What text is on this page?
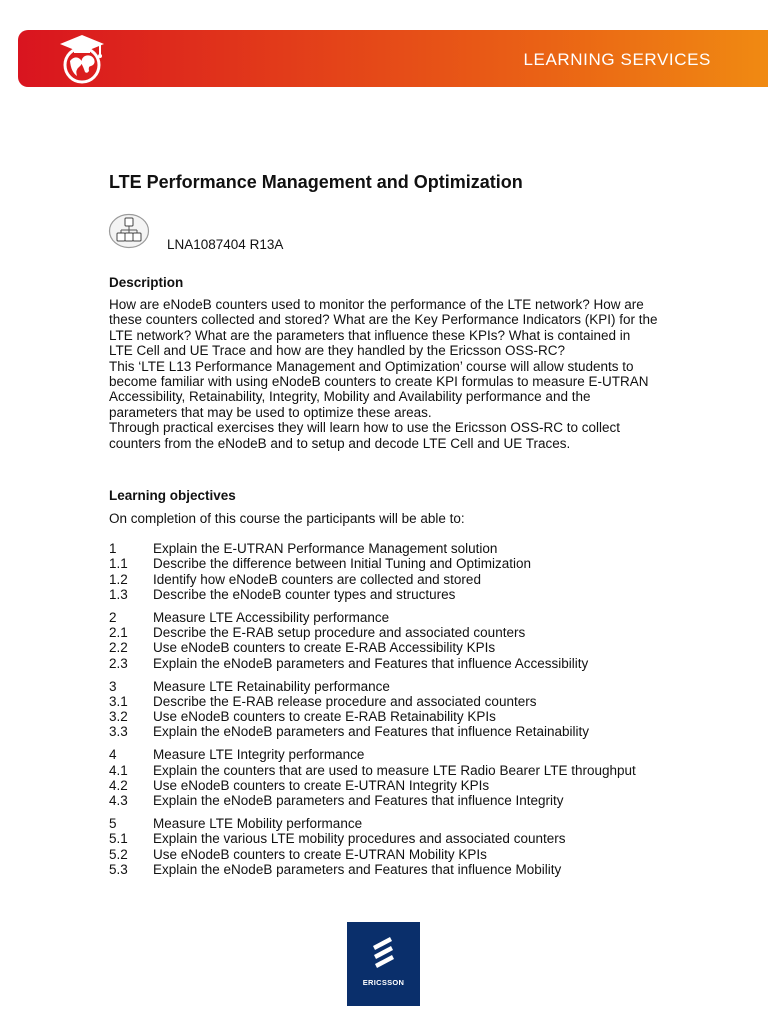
LEARNING SERVICES
LTE Performance Management and Optimization
LNA1087404 R13A
Description
How are eNodeB counters used to monitor the performance of the LTE network? How are
these counters collected and stored? What are the Key Performance Indicators (KPI) for the
LTE network? What are the parameters that influence these KPIs? What is contained in
LTE Cell and UE Trace and how are they handled by the Ericsson OSS-RC?
This ‘LTE L13 Performance Management and Optimization’ course will allow students to
become familiar with using eNodeB counters to create KPI formulas to measure E-UTRAN
Accessibility, Retainability, Integrity, Mobility and Availability performance and the
parameters that may be used to optimize these areas.
Through practical exercises they will learn how to use the Ericsson OSS-RC to collect
counters from the eNodeB and to setup and decode LTE Cell and UE Traces.
Learning objectives
On completion of this course the participants will be able to:
1	Explain the E-UTRAN Performance Management solution
1.1 Describe the difference between Initial Tuning and Optimization
1.2 Identify how eNodeB counters are collected and stored
1.3 Describe the eNodeB counter types and structures
2	Measure LTE Accessibility performance
2.1 Describe the E-RAB setup procedure and associated counters
2.2 Use eNodeB counters to create E-RAB Accessibility KPIs
2.3 Explain the eNodeB parameters and Features that influence Accessibility
3	Measure LTE Retainability performance
3.1 Describe the E-RAB release procedure and associated counters
3.2 Use eNodeB counters to create E-RAB Retainability KPIs
3.3 Explain the eNodeB parameters and Features that influence Retainability
4	Measure LTE Integrity performance
4.1 Explain the counters that are used to measure LTE Radio Bearer LTE throughput
4.2 Use eNodeB counters to create E-UTRAN Integrity KPIs
4.3 Explain the eNodeB parameters and Features that influence Integrity
5	Measure LTE Mobility performance
5.1 Explain the various LTE mobility procedures and associated counters
5.2 Use eNodeB counters to create E-UTRAN Mobility KPIs
5.3 Explain the eNodeB parameters and Features that influence Mobility
ERICSSON
